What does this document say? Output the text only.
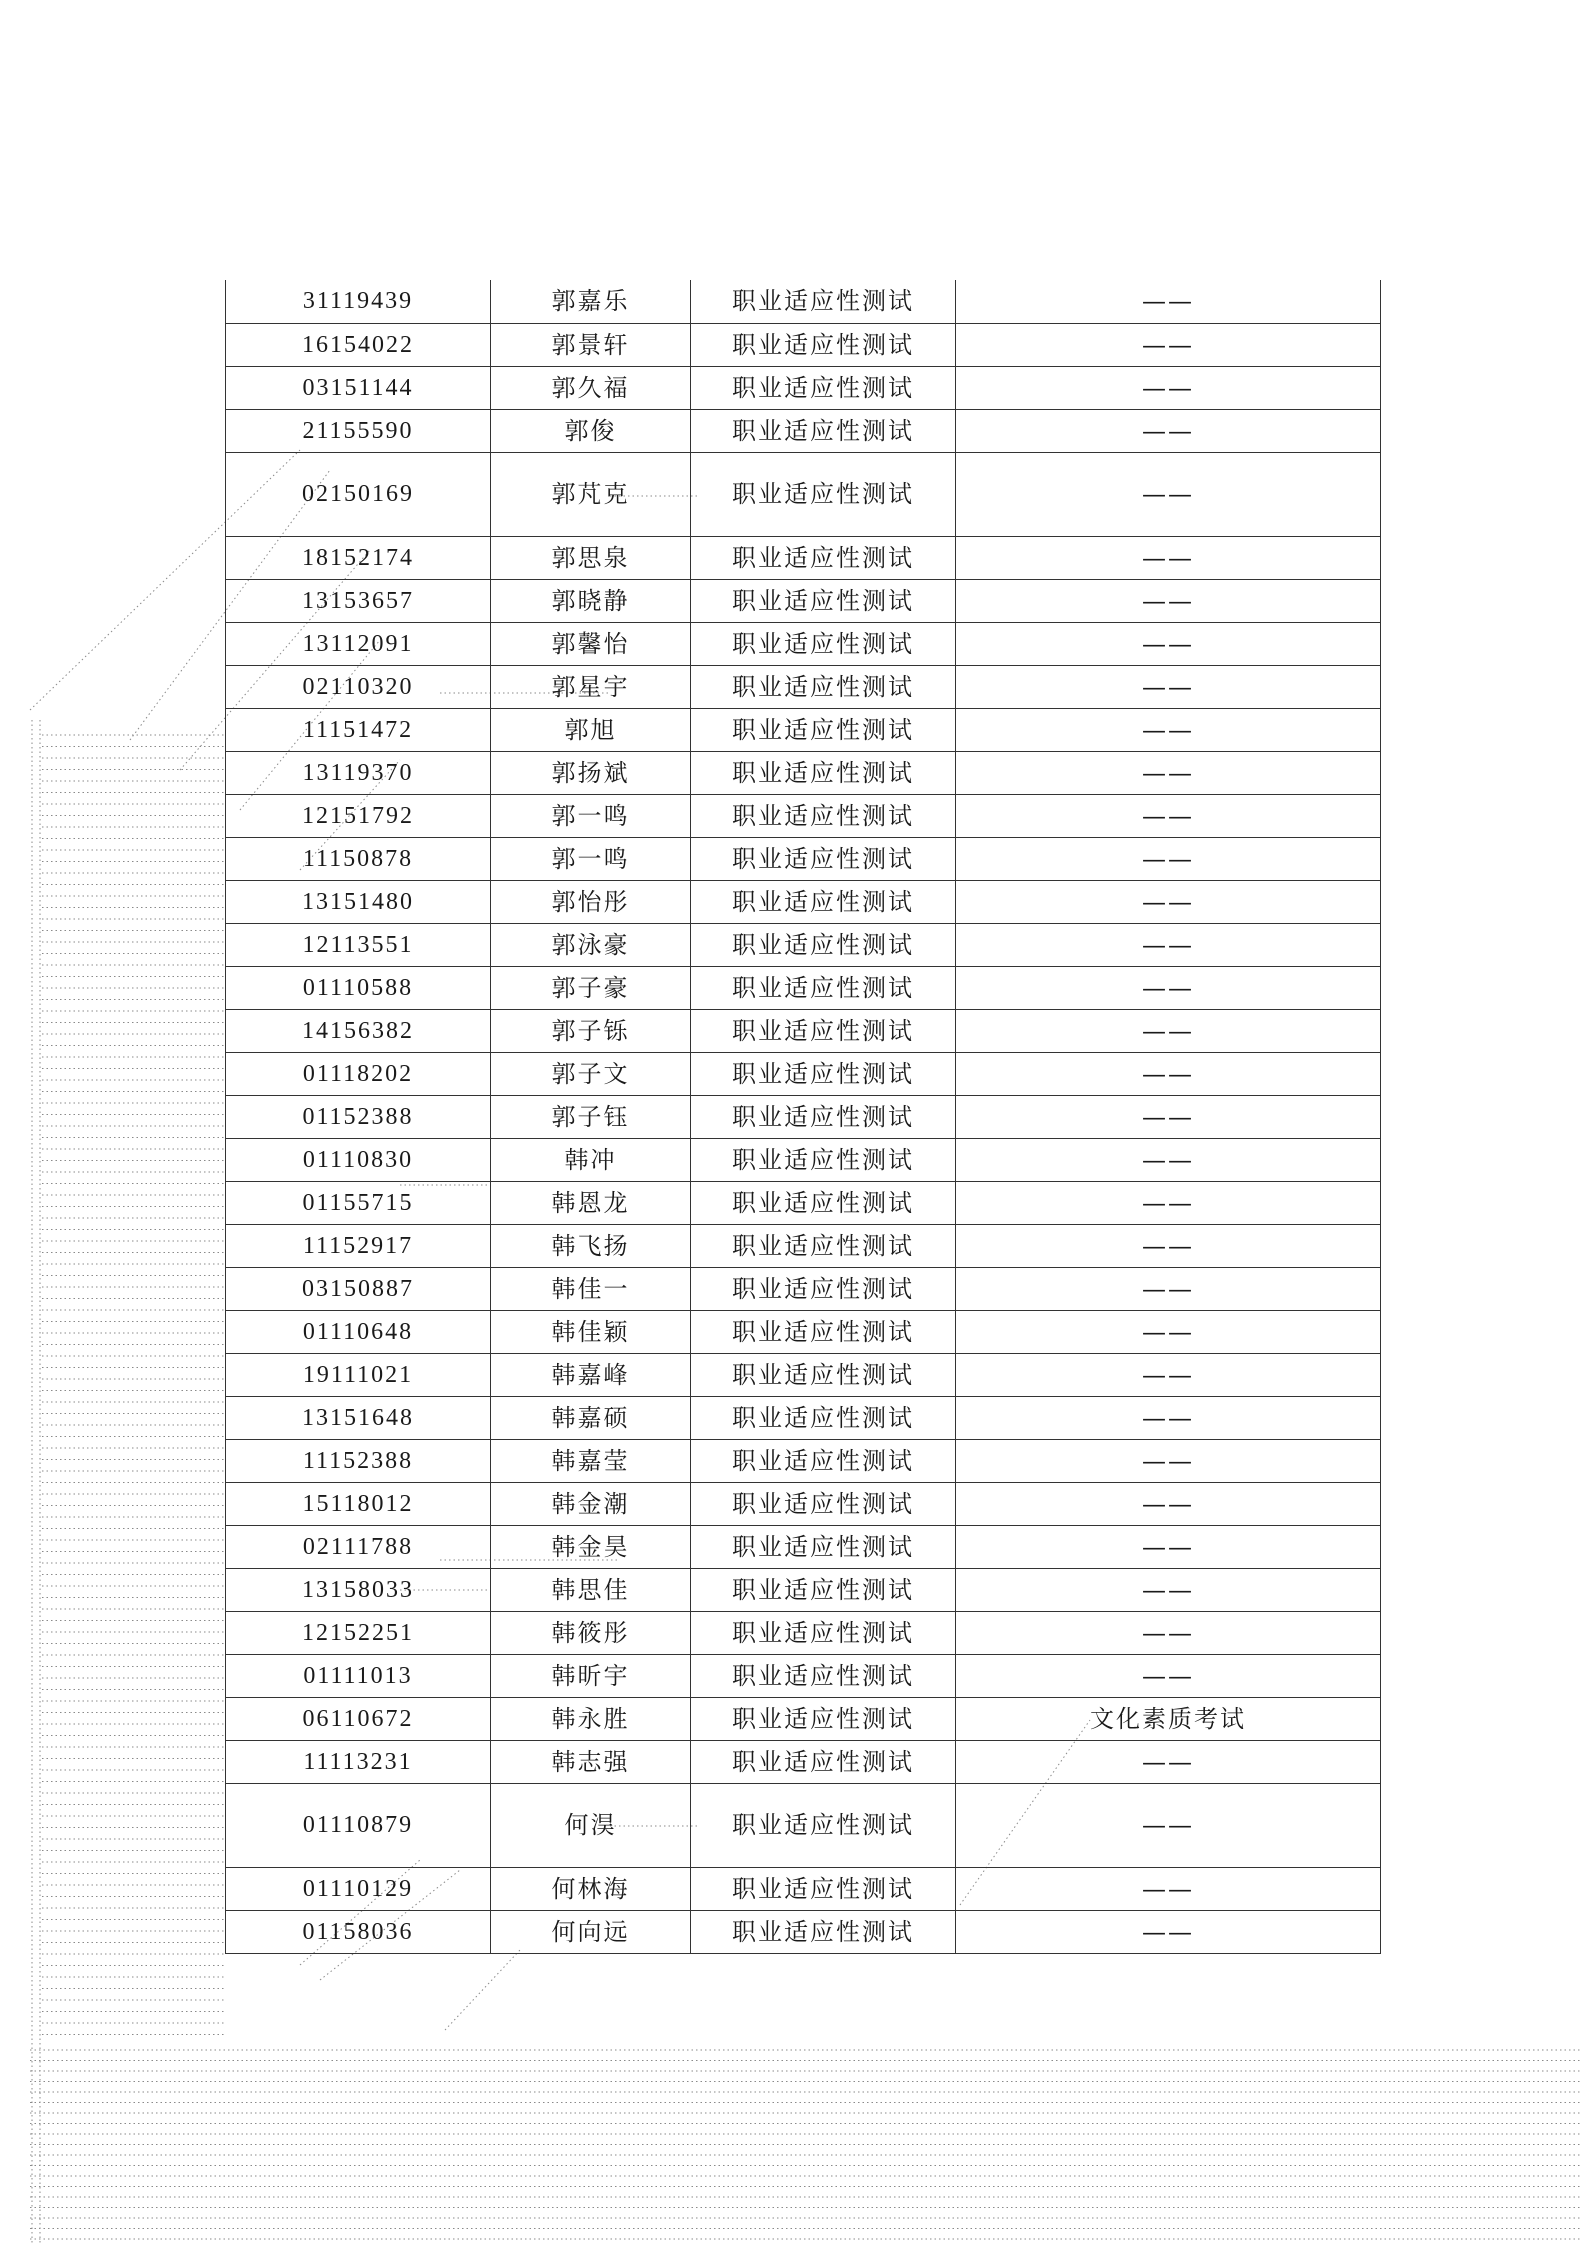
31119439	郭嘉乐	职业适应性测试	——
16154022	郭景轩	职业适应性测试	——
03151144	郭久福	职业适应性测试	——
21155590	郭俊	职业适应性测试	——
02150169	郭芃克	职业适应性测试	——
18152174	郭思泉	职业适应性测试	——
13153657	郭晓静	职业适应性测试	——
13112091	郭馨怡	职业适应性测试	——
02110320	郭星宇	职业适应性测试	——
11151472	郭旭	职业适应性测试	——
13119370	郭扬斌	职业适应性测试	——
12151792	郭一鸣	职业适应性测试	——
11150878	郭一鸣	职业适应性测试	——
13151480	郭怡彤	职业适应性测试	——
12113551	郭泳豪	职业适应性测试	——
01110588	郭子豪	职业适应性测试	——
14156382	郭子铄	职业适应性测试	——
01118202	郭子文	职业适应性测试	——
01152388	郭子钰	职业适应性测试	——
01110830	韩冲	职业适应性测试	——
01155715	韩恩龙	职业适应性测试	——
11152917	韩飞扬	职业适应性测试	——
03150887	韩佳一	职业适应性测试	——
01110648	韩佳颖	职业适应性测试	——
19111021	韩嘉峰	职业适应性测试	——
13151648	韩嘉硕	职业适应性测试	——
11152388	韩嘉莹	职业适应性测试	——
15118012	韩金潮	职业适应性测试	——
02111788	韩金昊	职业适应性测试	——
13158033	韩思佳	职业适应性测试	——
12152251	韩筱彤	职业适应性测试	——
01111013	韩昕宇	职业适应性测试	——
06110672	韩永胜	职业适应性测试	文化素质考试
11113231	韩志强	职业适应性测试	——
01110879	何淏	职业适应性测试	——
01110129	何林海	职业适应性测试	——
01158036	何向远	职业适应性测试	——
